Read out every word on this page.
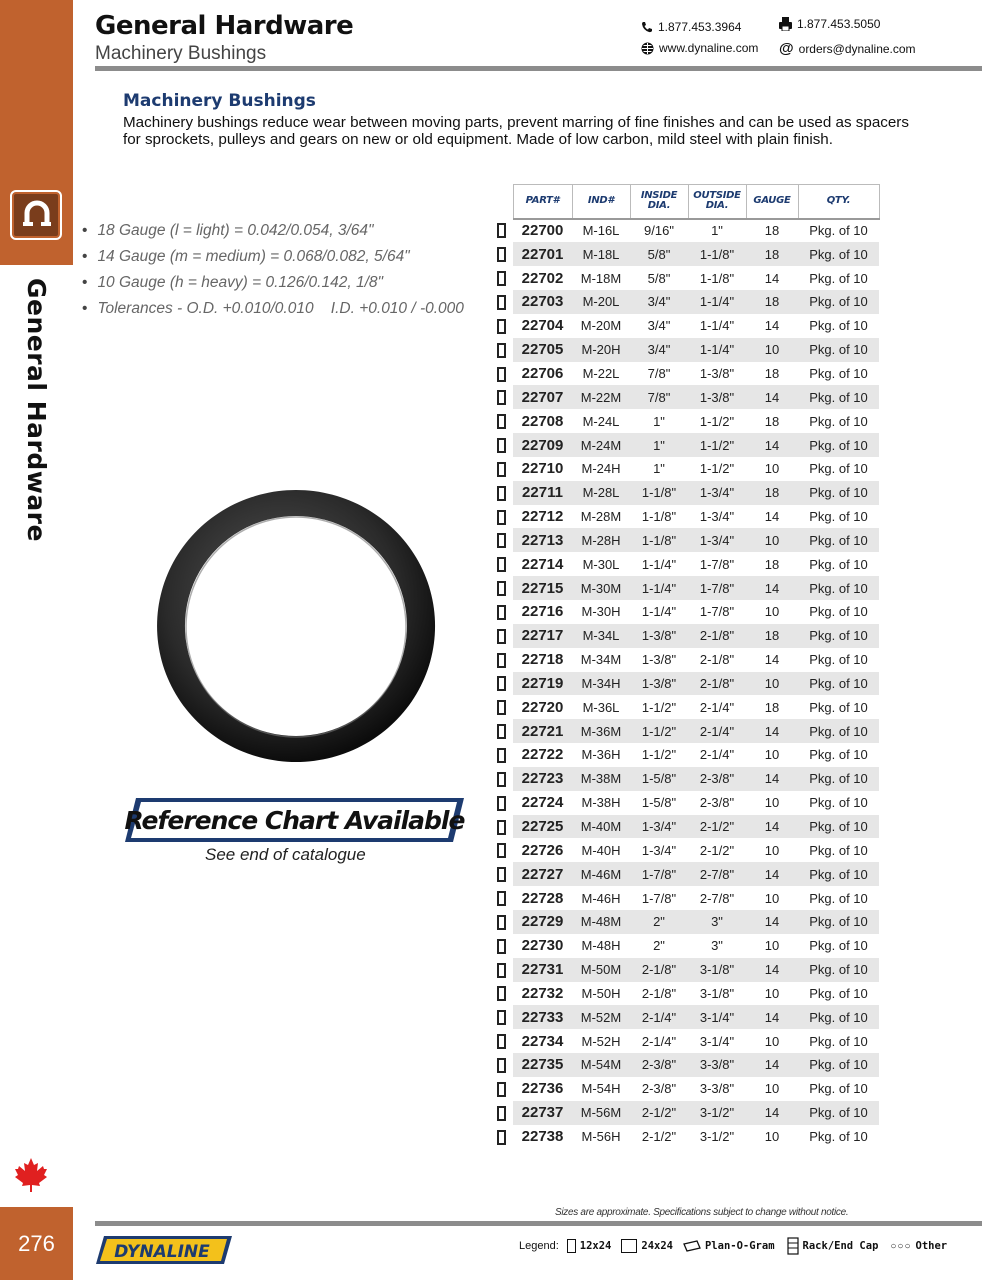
General Hardware
276
General Hardware
Machinery Bushings
1.877.453.3964	1.877.453.5050
www.dynaline.com @ orders@dynaline.com
Machinery Bushings
Machinery bushings reduce wear between moving parts, prevent marring of fine finishes and can be used as spacers for sprockets, pulleys and gears on new or old equipment. Made of low carbon, mild steel with plain finish.
• 18 Gauge (l = light) = 0.042/0.054, 3/64"
• 14 Gauge (m = medium) = 0.068/0.082, 5/64"
• 10 Gauge (h = heavy) = 0.126/0.142, 1/8"
• Tolerances - O.D. +0.010/0.010    I.D. +0.010 / -0.000
Reference Chart Available
See end of catalogue
	PART#	IND#	INSIDE
DIA.	OUTSIDE
DIA.	GAUGE	QTY.
	22700	M-16L	9/16"	1"	18	Pkg. of 10
	22701	M-18L	5/8"	1-1/8"	18	Pkg. of 10
	22702	M-18M	5/8"	1-1/8"	14	Pkg. of 10
	22703	M-20L	3/4"	1-1/4"	18	Pkg. of 10
	22704	M-20M	3/4"	1-1/4"	14	Pkg. of 10
	22705	M-20H	3/4"	1-1/4"	10	Pkg. of 10
	22706	M-22L	7/8"	1-3/8"	18	Pkg. of 10
	22707	M-22M	7/8"	1-3/8"	14	Pkg. of 10
	22708	M-24L	1"	1-1/2"	18	Pkg. of 10
	22709	M-24M	1"	1-1/2"	14	Pkg. of 10
	22710	M-24H	1"	1-1/2"	10	Pkg. of 10
	22711	M-28L	1-1/8"	1-3/4"	18	Pkg. of 10
	22712	M-28M	1-1/8"	1-3/4"	14	Pkg. of 10
	22713	M-28H	1-1/8"	1-3/4"	10	Pkg. of 10
	22714	M-30L	1-1/4"	1-7/8"	18	Pkg. of 10
	22715	M-30M	1-1/4"	1-7/8"	14	Pkg. of 10
	22716	M-30H	1-1/4"	1-7/8"	10	Pkg. of 10
	22717	M-34L	1-3/8"	2-1/8"	18	Pkg. of 10
	22718	M-34M	1-3/8"	2-1/8"	14	Pkg. of 10
	22719	M-34H	1-3/8"	2-1/8"	10	Pkg. of 10
	22720	M-36L	1-1/2"	2-1/4"	18	Pkg. of 10
	22721	M-36M	1-1/2"	2-1/4"	14	Pkg. of 10
	22722	M-36H	1-1/2"	2-1/4"	10	Pkg. of 10
	22723	M-38M	1-5/8"	2-3/8"	14	Pkg. of 10
	22724	M-38H	1-5/8"	2-3/8"	10	Pkg. of 10
	22725	M-40M	1-3/4"	2-1/2"	14	Pkg. of 10
	22726	M-40H	1-3/4"	2-1/2"	10	Pkg. of 10
	22727	M-46M	1-7/8"	2-7/8"	14	Pkg. of 10
	22728	M-46H	1-7/8"	2-7/8"	10	Pkg. of 10
	22729	M-48M	2"	3"	14	Pkg. of 10
	22730	M-48H	2"	3"	10	Pkg. of 10
	22731	M-50M	2-1/8"	3-1/8"	14	Pkg. of 10
	22732	M-50H	2-1/8"	3-1/8"	10	Pkg. of 10
	22733	M-52M	2-1/4"	3-1/4"	14	Pkg. of 10
	22734	M-52H	2-1/4"	3-1/4"	10	Pkg. of 10
	22735	M-54M	2-3/8"	3-3/8"	14	Pkg. of 10
	22736	M-54H	2-3/8"	3-3/8"	10	Pkg. of 10
	22737	M-56M	2-1/2"	3-1/2"	14	Pkg. of 10
	22738	M-56H	2-1/2"	3-1/2"	10	Pkg. of 10
Sizes are approximate. Specifications subject to change without notice.
DYNALINE	Legend: 12x24	24x24	Plan-O-Gram	Rack/End Cap ○○○ Other
